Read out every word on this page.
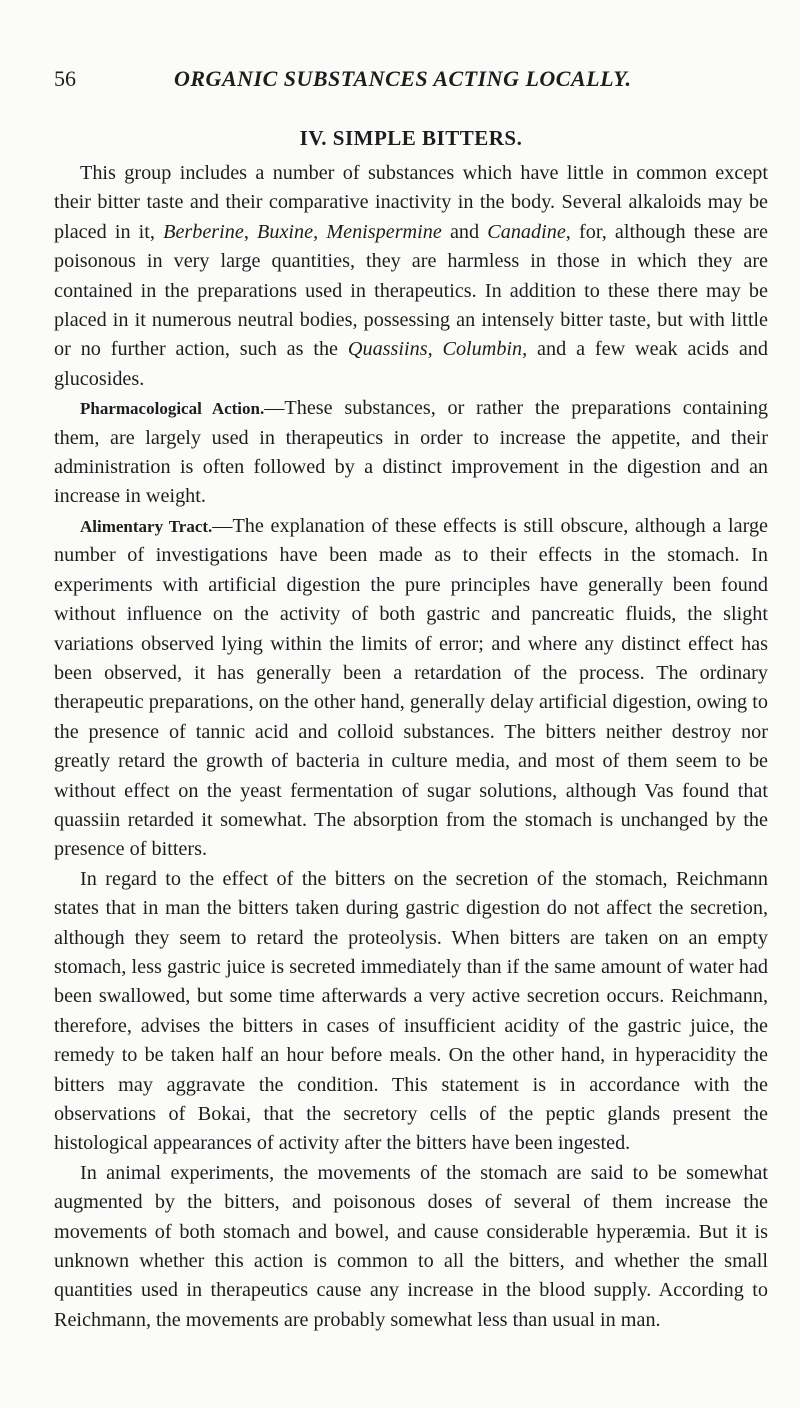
56	ORGANIC SUBSTANCES ACTING LOCALLY.
IV. SIMPLE BITTERS.

This group includes a number of substances which have little in common except their bitter taste and their comparative inactivity in the body. Several alkaloids may be placed in it, Berberine, Buxine, Menispermine and Canadine, for, although these are poisonous in very large quantities, they are harmless in those in which they are contained in the preparations used in therapeutics. In addition to these there may be placed in it numerous neutral bodies, possessing an intensely bitter taste, but with little or no further action, such as the Quassiins, Columbin, and a few weak acids and glucosides.

Pharmacological Action.—These substances, or rather the preparations containing them, are largely used in therapeutics in order to increase the appetite, and their administration is often followed by a distinct improvement in the digestion and an increase in weight.

Alimentary Tract.—The explanation of these effects is still obscure, although a large number of investigations have been made as to their effects in the stomach. In experiments with artificial digestion the pure principles have generally been found without influence on the activity of both gastric and pancreatic fluids, the slight variations observed lying within the limits of error; and where any distinct effect has been observed, it has generally been a retardation of the process. The ordinary therapeutic preparations, on the other hand, generally delay artificial digestion, owing to the presence of tannic acid and colloid substances. The bitters neither destroy nor greatly retard the growth of bacteria in culture media, and most of them seem to be without effect on the yeast fermentation of sugar solutions, although Vas found that quassiin retarded it somewhat. The absorption from the stomach is unchanged by the presence of bitters.

In regard to the effect of the bitters on the secretion of the stomach, Reichmann states that in man the bitters taken during gastric digestion do not affect the secretion, although they seem to retard the proteolysis. When bitters are taken on an empty stomach, less gastric juice is secreted immediately than if the same amount of water had been swallowed, but some time afterwards a very active secretion occurs. Reichmann, therefore, advises the bitters in cases of insufficient acidity of the gastric juice, the remedy to be taken half an hour before meals. On the other hand, in hyperacidity the bitters may aggravate the condition. This statement is in accordance with the observations of Bokai, that the secretory cells of the peptic glands present the histological appearances of activity after the bitters have been ingested.

In animal experiments, the movements of the stomach are said to be somewhat augmented by the bitters, and poisonous doses of several of them increase the movements of both stomach and bowel, and cause considerable hyperæmia. But it is unknown whether this action is common to all the bitters, and whether the small quantities used in therapeutics cause any increase in the blood supply. According to Reichmann, the movements are probably somewhat less than usual in man.
